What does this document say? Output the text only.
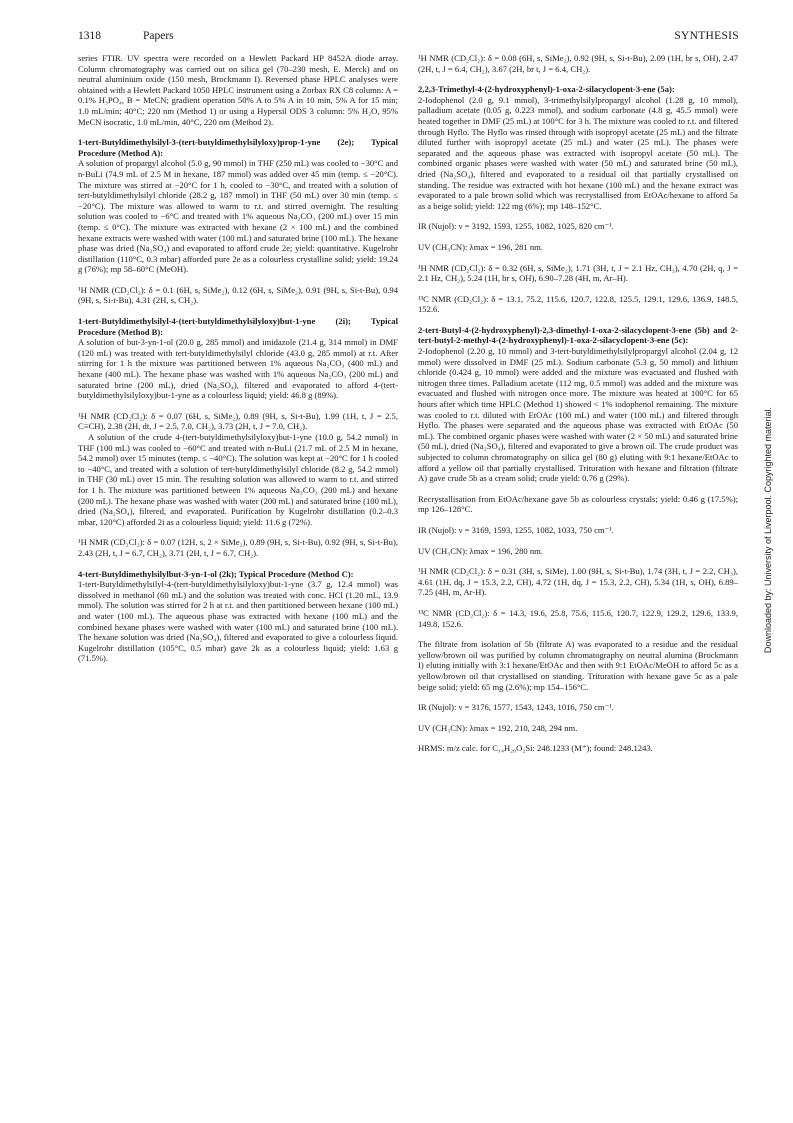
1318	Papers	SYNTHESIS

series FTIR. UV spectra were recorded on a Hewlett Packard HP 8452A diode array. Column chromatography was carried out on silica gel (70–230 mesh, E. Merck) and on neutral aluminium oxide (150 mesh, Brockmann I). Reversed phase HPLC analyses were obtained with a Hewlett Packard 1050 HPLC instrument using a Zorbax RX C8 column: A = 0.1% H₃PO₄, B = MeCN; gradient operation 50% A to 5% A in 10 min, 5% A for 15 min; 1.0 mL/min; 40°C; 220 nm (Method 1) or using a Hypersil ODS 3 column: 5% H₂O, 95% MeCN isocratic, 1.0 mL/min, 40°C, 220 nm (Method 2).

1-tert-Butyldimethylsilyl-3-(tert-butyldimethylsilyloxy)prop-1-yne (2e); Typical Procedure (Method A):

A solution of propargyl alcohol (5.0 g, 90 mmol) in THF (250 mL) was cooled to −30°C and n-BuLi (74.9 mL of 2.5 M in hexane, 187 mmol) was added over 45 min (temp. ≤ −20°C). The mixture was stirred at −20°C for 1 h, cooled to −30°C, and treated with a solution of tert-butyldimethylsilyl chloride (28.2 g, 187 mmol) in THF (50 mL) over 30 min (temp. ≤ −20°C). The mixture was allowed to warm to r.t. and stirred overnight. The resulting solution was cooled to −6°C and treated with 1% aqueous Na₂CO₃ (200 mL) over 15 min (temp. ≤ 0°C). The mixture was extracted with hexane (2 × 100 mL) and the combined hexane extracts were washed with water (100 mL) and saturated brine (100 mL). The hexane phase was dried (Na₂SO₄) and evaporated to afford crude 2e; yield: quantitative. Kugelrohr distillation (110°C, 0.3 mbar) afforded pure 2e as a colourless crystalline solid; yield: 19.24 g (76%); mp 58–60°C (MeOH).

¹H NMR (CD₂Cl₂): δ = 0.1 (6H, s, SiMe₂), 0.12 (6H, s, SiMe₂), 0.91 (9H, s, Si-t-Bu), 0.94 (9H, s, Si-t-Bu), 4.31 (2H, s, CH₂).

1-tert-Butyldimethylsilyl-4-(tert-butyldimethylsilyloxy)but-1-yne (2i); Typical Procedure (Method B):

A solution of but-3-yn-1-ol (20.0 g, 285 mmol) and imidazole (21.4 g, 314 mmol) in DMF (120 mL) was treated with tert-butyldimethylsilyl chloride (43.0 g, 285 mmol) at r.t. After stirring for 1 h the mixture was partitioned between 1% aqueous Na₂CO₃ (400 mL) and hexane (400 mL). The hexane phase was washed with 1% aqueous Na₂CO₃ (200 mL) and saturated brine (200 mL), dried (Na₂SO₄), filtered and evaporated to afford 4-(tert-butyldimethylsilyloxy)but-1-yne as a colourless liquid; yield: 46.8 g (89%).

¹H NMR (CD₂Cl₂): δ = 0.07 (6H, s, SiMe₂), 0.89 (9H, s, Si-t-Bu), 1.99 (1H, t, J = 2.5, C≡CH), 2.38 (2H, dt, J = 2.5, 7.0, CH₂), 3.73 (2H, t, J = 7.0, CH₂).

A solution of the crude 4-(tert-butyldimethylsilyloxy)but-1-yne (10.0 g, 54.2 mmol) in THF (100 mL) was cooled to −60°C and treated with n-BuLi (21.7 mL of 2.5 M in hexane, 54.2 mmol) over 15 minutes (temp. ≤ −40°C). The solution was kept at −20°C for 1 h cooled to −40°C, and treated with a solution of tert-butyldimethylsilyl chloride (8.2 g, 54.2 mmol) in THF (30 mL) over 15 min. The resulting solution was allowed to warm to r.t. and stirred for 1 h. The mixture was partitioned between 1% aqueous Na₂CO₃ (200 mL) and hexane (200 mL). The hexane phase was washed with water (200 mL) and saturated brine (100 mL), dried (Na₂SO₄), filtered, and evaporated. Purification by Kugelrohr distillation (0.2–0.3 mbar, 120°C) afforded 2i as a colourless liquid; yield: 11.6 g (72%).

¹H NMR (CD₂Cl₂): δ = 0.07 (12H, s, 2 × SiMe₂), 0.89 (9H, s, Si-t-Bu), 0.92 (9H, s, Si-t-Bu), 2.43 (2H, t, J = 6.7, CH₂), 3.71 (2H, t, J = 6.7, CH₂).

4-tert-Butyldimethylsilylbut-3-yn-1-ol (2k); Typical Procedure (Method C):

1-tert-Butyldimethylsilyl-4-(tert-butyldimethylsilyloxy)but-1-yne (3.7 g, 12.4 mmol) was dissolved in methanol (60 mL) and the solution was treated with conc. HCl (1.20 mL, 13.9 mmol). The solution was stirred for 2 h at r.t. and then partitioned between hexane (100 mL) and water (100 mL). The aqueous phase was extracted with hexane (100 mL) and the combined hexane phases were washed with water (100 mL) and saturated brine (100 mL). The hexane solution was dried (Na₂SO₄), filtered and evaporated to give a colourless liquid. Kugelrohr distillation (105°C, 0.5 mbar) gave 2k as a colourless liquid; yield: 1.63 g (71.5%).

¹H NMR (CD₂Cl₂): δ = 0.08 (6H, s, SiMe₂), 0.92 (9H, s, Si-t-Bu), 2.09 (1H, br s, OH), 2.47 (2H, t, J = 6.4, CH₂), 3.67 (2H, br t, J = 6.4, CH₂).

2,2,3-Trimethyl-4-(2-hydroxyphenyl)-1-oxa-2-silacyclopent-3-ene (5a):

2-Iodophenol (2.0 g, 9.1 mmol), 3-trimethylsilylpropargyl alcohol (1.28 g, 10 mmol), palladium acetate (0.05 g, 0.223 mmol), and sodium carbonate (4.8 g, 45.5 mmol) were heated together in DMF (25 mL) at 100°C for 3 h. The mixture was cooled to r.t. and filtered through Hyflo. The Hyflo was rinsed through with isopropyl acetate (25 mL) and the filtrate diluted further with isopropyl acetate (25 mL) and water (25 mL). The phases were separated and the aqueous phase was extracted with isopropyl acetate (50 mL). The combined organic phases were washed with water (50 mL) and saturated brine (50 mL), dried (Na₂SO₄), filtered and evaporated to a residual oil that partially crystallised on standing. The residue was extracted with hot hexane (100 mL) and the hexane extract was evaporated to a pale brown solid which was recrystallised from EtOAc/hexane to afford 5a as a beige solid; yield: 122 mg (6%); mp 148–152°C.

IR (Nujol): ν = 3192, 1593, 1255, 1082, 1025, 820 cm⁻¹.

UV (CH₃CN): λmax = 196, 281 nm.

¹H NMR (CD₂Cl₂): δ = 0.32 (6H, s, SiMe₂), 1.71 (3H, t, J = 2.1 Hz, CH₃), 4.70 (2H, q, J = 2.1 Hz, CH₂), 5.24 (1H, br s, OH), 6.90–7.28 (4H, m, Ar–H).

¹³C NMR (CD₂Cl₂): δ = 13.1, 75.2, 115.6, 120.7, 122.8, 125.5, 129.1, 129.6, 136.9, 148.5, 152.6.

2-tert-Butyl-4-(2-hydroxyphenyl)-2,3-dimethyl-1-oxa-2-silacyclopent-3-ene (5b) and 2-tert-butyl-2-methyl-4-(2-hydroxyphenyl)-1-oxa-2-silacyclopent-3-ene (5c):

2-Iodophenol (2.20 g, 10 mmol) and 3-tert-butyldimethylsilylpropargyl alcohol (2.04 g, 12 mmol) were dissolved in DMF (25 mL). Sodium carbonate (5.3 g, 50 mmol) and lithium chloride (0.424 g, 10 mmol) were added and the mixture was evacuated and flushed with nitrogen three times. Palladium acetate (112 mg, 0.5 mmol) was added and the mixture was evacuated and flushed with nitrogen once more. The mixture was heated at 100°C for 65 hours after which time HPLC (Method 1) showed < 1% iodophenol remaining. The mixture was cooled to r.t. diluted with EtOAc (100 mL) and water (100 mL) and filtered through Hyflo. The phases were separated and the aqueous phase was extracted with EtOAc (50 mL). The combined organic phases were washed with water (2 × 50 mL) and saturated brine (50 mL), dried (Na₂SO₄), filtered and evaporated to give a brown oil. The crude product was subjected to column chromatography on silica gel (80 g) eluting with 9:1 hexane/EtOAc to afford a yellow oil that partially crystallised. Trituration with hexane and filtration (filtrate A) gave crude 5b as a cream solid; crude yield: 0.76 g (29%).

Recrystallisation from EtOAc/hexane gave 5b as colourless crystals; yield: 0.46 g (17.5%); mp 126–128°C.

IR (Nujol): ν = 3169, 1593, 1255, 1082, 1033, 750 cm⁻¹.

UV (CH₃CN): λmax = 196, 280 nm.

¹H NMR (CD₂Cl₂): δ = 0.31 (3H, s, SiMe), 1.00 (9H, s, Si-t-Bu), 1.74 (3H, t, J = 2.2, CH₃), 4.61 (1H, dq, J = 15.3, 2.2, CH), 4.72 (1H, dq, J = 15.3, 2.2, CH), 5.34 (1H, s, OH), 6.89–7.25 (4H, m, Ar-H).

¹³C NMR (CD₂Cl₂): δ = 14.3, 19.6, 25.8, 75.6, 115.6, 120.7, 122.9, 129.2, 129.6, 133.9, 149.8, 152.6.

The filtrate from isolation of 5b (filtrate A) was evaporated to a residue and the residual yellow/brown oil was purified by column chromatography on neutral alumina (Brockmann I) eluting initially with 3:1 hexane/EtOAc and then with 9:1 EtOAc/MeOH to afford 5c as a yellow/brown oil that crystallised on standing. Trituration with hexane gave 5c as a pale beige solid; yield: 65 mg (2.6%); mp 154–156°C.

IR (Nujol): ν = 3176, 1577, 1543, 1243, 1016, 750 cm⁻¹.

UV (CH₃CN): λmax = 192, 210, 248, 294 nm.

HRMS: m/z calc. for C₁₄H₂₀O₂Si: 248.1233 (M⁺); found: 248.1243.

Downloaded by: University of Liverpool. Copyrighted material.
